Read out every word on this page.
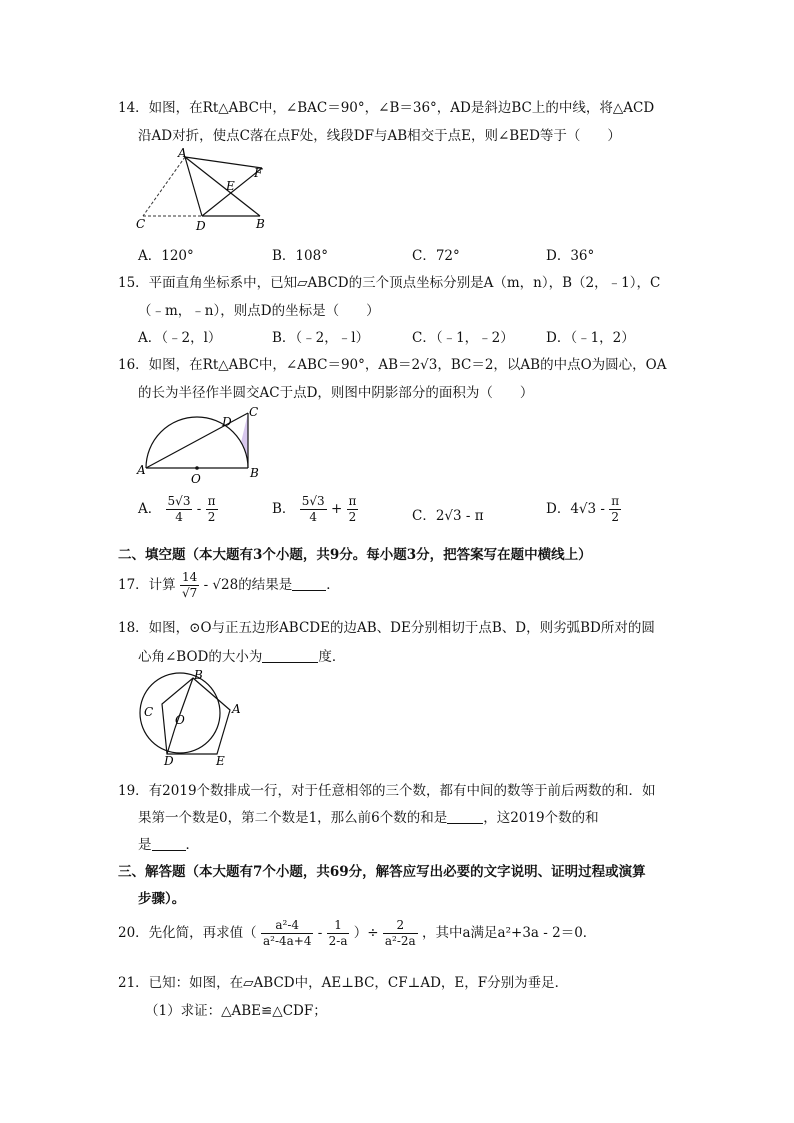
14．如图，在Rt△ABC中，∠BAC＝90°，∠B＝36°，AD是斜边BC上的中线，将△ACD
沿AD对折，使点C落在点F处，线段DF与AB相交于点E，则∠BED等于（　　）
A
F
E
C	D	B
A．120°	B．108°	C．72°	D．36°
15．平面直角坐标系中，已知▱ABCD的三个顶点坐标分别是A（m，n），B（2，﹣1），C
（﹣m，﹣n），则点D的坐标是（　　）
A．（﹣2，l）	B．（﹣2，﹣l）	C．（﹣1，﹣2） D．（﹣1，2）
16．如图，在Rt△ABC中，∠ABC＝90°，AB＝2√3，BC＝2，以AB的中点O为圆心，OA
的长为半径作半圆交AC于点D，则图中阴影部分的面积为（　　）
D
C
A
O	B
A． $\frac{5√3}{4} - \frac{\pi}{2}$	B． $\frac{5√3}{4} + \frac{\pi}{2}$	C．2√3 - π	D．$4√3 - \frac{\pi}{2}$
二、填空题（本大题有3个小题，共9分。每小题3分，把答案写在题中横线上）
17．计算 $\frac{14}{√7} - √28$的结果是	．
18．如图，⊙O与正五边形ABCDE的边AB、DE分别相切于点B、D，则劣弧BD所对的圆
心角∠BOD的大小为	度．
B
C
O
A
D	E
19．有2019个数排成一行，对于任意相邻的三个数，都有中间的数等于前后两数的和．如
果第一个数是0，第二个数是1，那么前6个数的和是	，这2019个数的和
是	．
三、解答题（本大题有7个小题，共69分，解答应写出必要的文字说明、证明过程或演算
步骤）。
20．先化简，再求值（ $\frac{\text{a²-4}}{\text{a²-4a+4}} - \frac{1}{2-a}$ ）÷ $\frac{2}{\text{a²-2a}}$ ，其中a满足a²+3a - 2＝0．
21．已知：如图，在▱ABCD中，AE⊥BC，CF⊥AD，E，F分别为垂足．
（1）求证：△ABE≌△CDF；
